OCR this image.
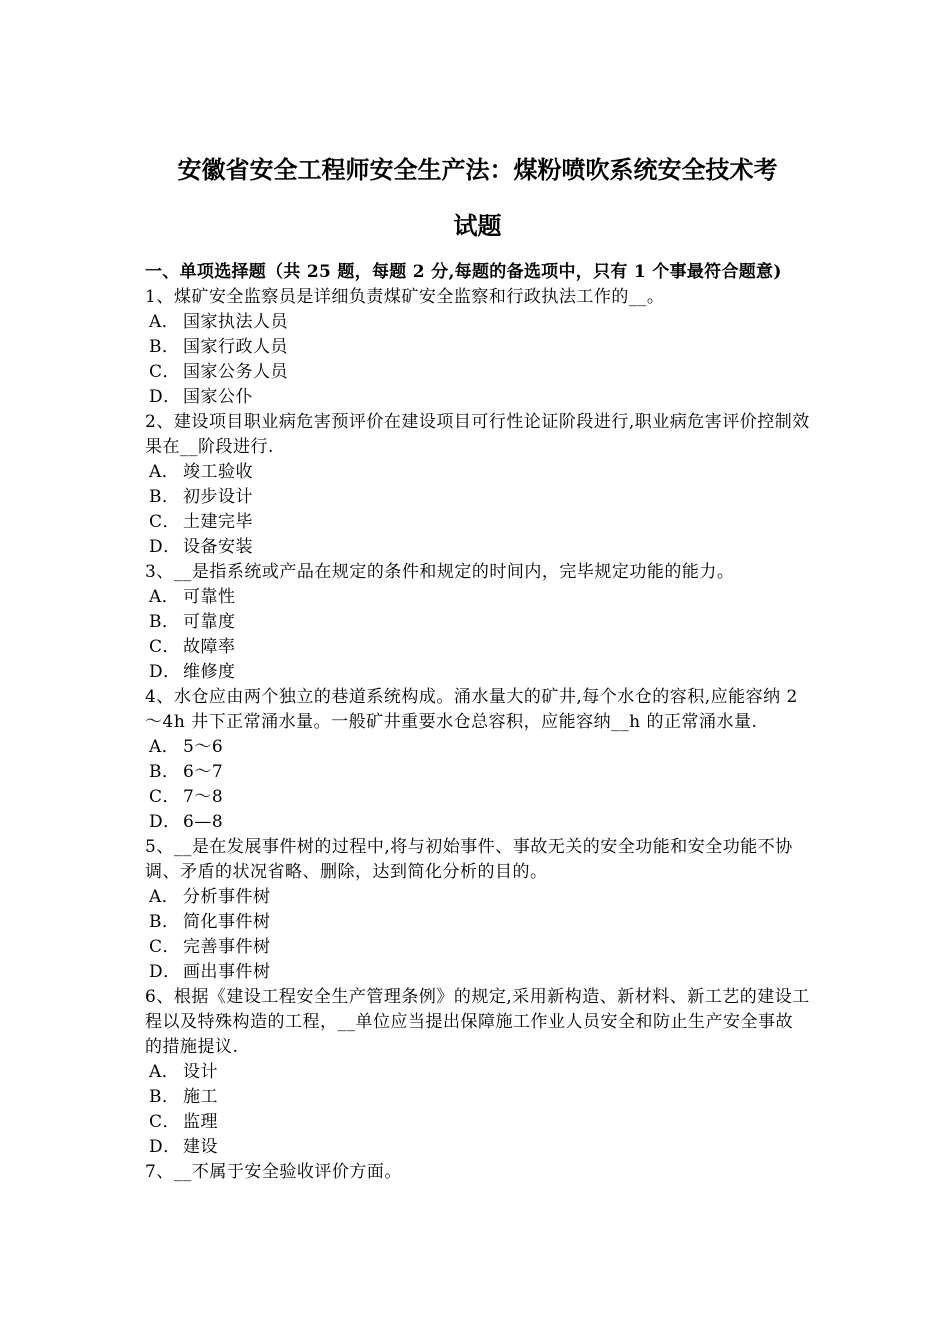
安徽省安全工程师安全生产法：煤粉喷吹系统安全技术考
试题
一、单项选择题（共 25 题，每题 2 分,每题的备选项中，只有 1 个事最符合题意)
1、煤矿安全监察员是详细负责煤矿安全监察和行政执法工作的__。
A． 国家执法人员
B． 国家行政人员
C． 国家公务人员
D． 国家公仆
2、建设项目职业病危害预评价在建设项目可行性论证阶段进行,职业病危害评价控制效果在__阶段进行.
A． 竣工验收
B． 初步设计
C． 土建完毕
D． 设备安装
3、__是指系统或产品在规定的条件和规定的时间内，完毕规定功能的能力。
A． 可靠性
B． 可靠度
C． 故障率
D． 维修度
4、水仓应由两个独立的巷道系统构成。涌水量大的矿井,每个水仓的容积,应能容纳 2～4h 井下正常涌水量。一般矿井重要水仓总容积，应能容纳__h 的正常涌水量.
A． 5～6
B． 6～7
C． 7～8
D． 6—8
5、__是在发展事件树的过程中,将与初始事件、事故无关的安全功能和安全功能不协调、矛盾的状况省略、删除，达到简化分析的目的。
A． 分析事件树
B． 简化事件树
C． 完善事件树
D． 画出事件树
6、根据《建设工程安全生产管理条例》的规定,采用新构造、新材料、新工艺的建设工程以及特殊构造的工程，__单位应当提出保障施工作业人员安全和防止生产安全事故的措施提议.
A． 设计
B． 施工
C． 监理
D． 建设
7、__不属于安全验收评价方面。
